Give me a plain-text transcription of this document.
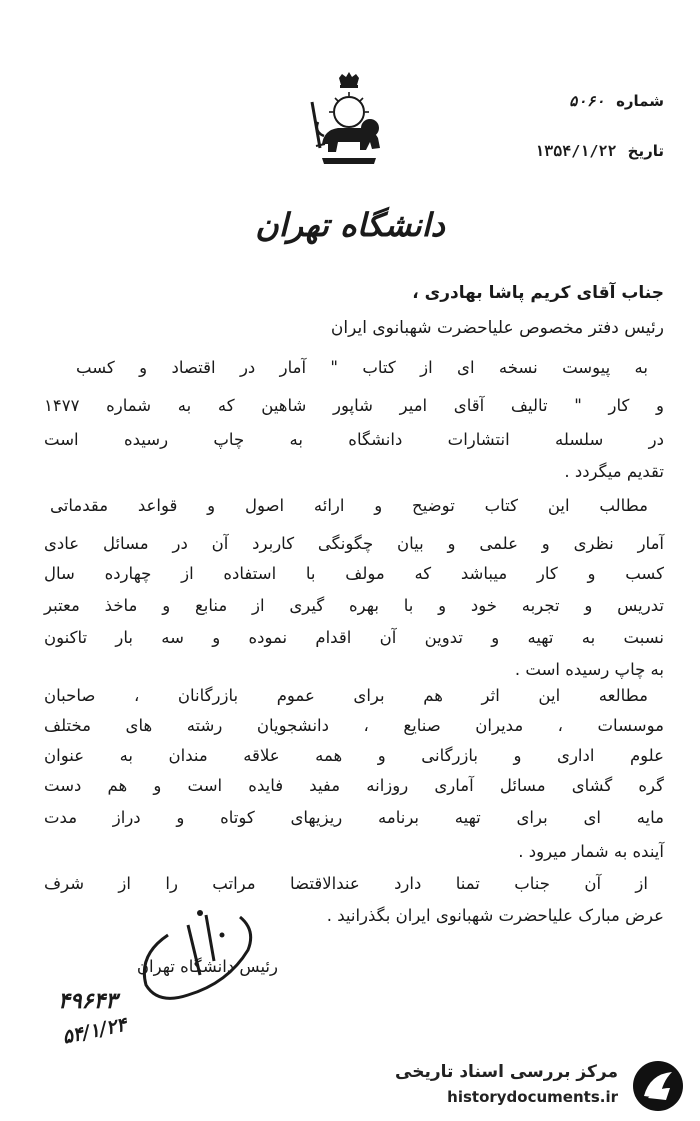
شماره ۵۰۶۰
تاریخ ۱۳۵۴/۱/۲۲
دانشگاه تهران
جناب آقای کریم پاشا بهادری ،
رئیس دفتر مخصوص علیاحضرت شهبانوی ایران
به پیوست نسخه ای از کتاب " آمار در اقتصاد و کسب
و کار " تالیف آقای امیر شاپور شاهین که به شماره ۱۴۷۷
در سلسله انتشارات دانشگاه به چاپ رسیده است
تقدیم میگردد .
مطالب این کتاب توضیح و ارائه اصول و قواعد مقدماتی
آمار نظری و علمی و بیان چگونگی کاربرد آن در مسائل عادی
کسب و کار میباشد که مولف با استفاده از چهارده سال
تدریس و تجربه خود و با بهره گیری از منابع و ماخذ معتبر
نسبت به تهیه و تدوین آن اقدام نموده و سه بار تاکنون
به چاپ رسیده است .
مطالعه این اثر هم برای عموم بازرگانان ، صاحبان
موسسات ، مدیران صنایع ، دانشجویان رشته های مختلف
علوم اداری و بازرگانی و همه علاقه مندان به عنوان
گره گشای مسائل آماری روزانه مفید فایده است و هم دست
مایه ای برای تهیه برنامه ریزیهای کوتاه و دراز مدت
آینده به شمار میرود .
از آن جناب تمنا دارد عندالاقتضا مراتب را از شرف
عرض مبارک علیاحضرت شهبانوی ایران بگذرانید .
رئیس دانشگاه تهران
۴۹۶۴۳
۵۴/۱/۲۴
مرکز بررسی اسناد تاریخی
historydocuments.ir
